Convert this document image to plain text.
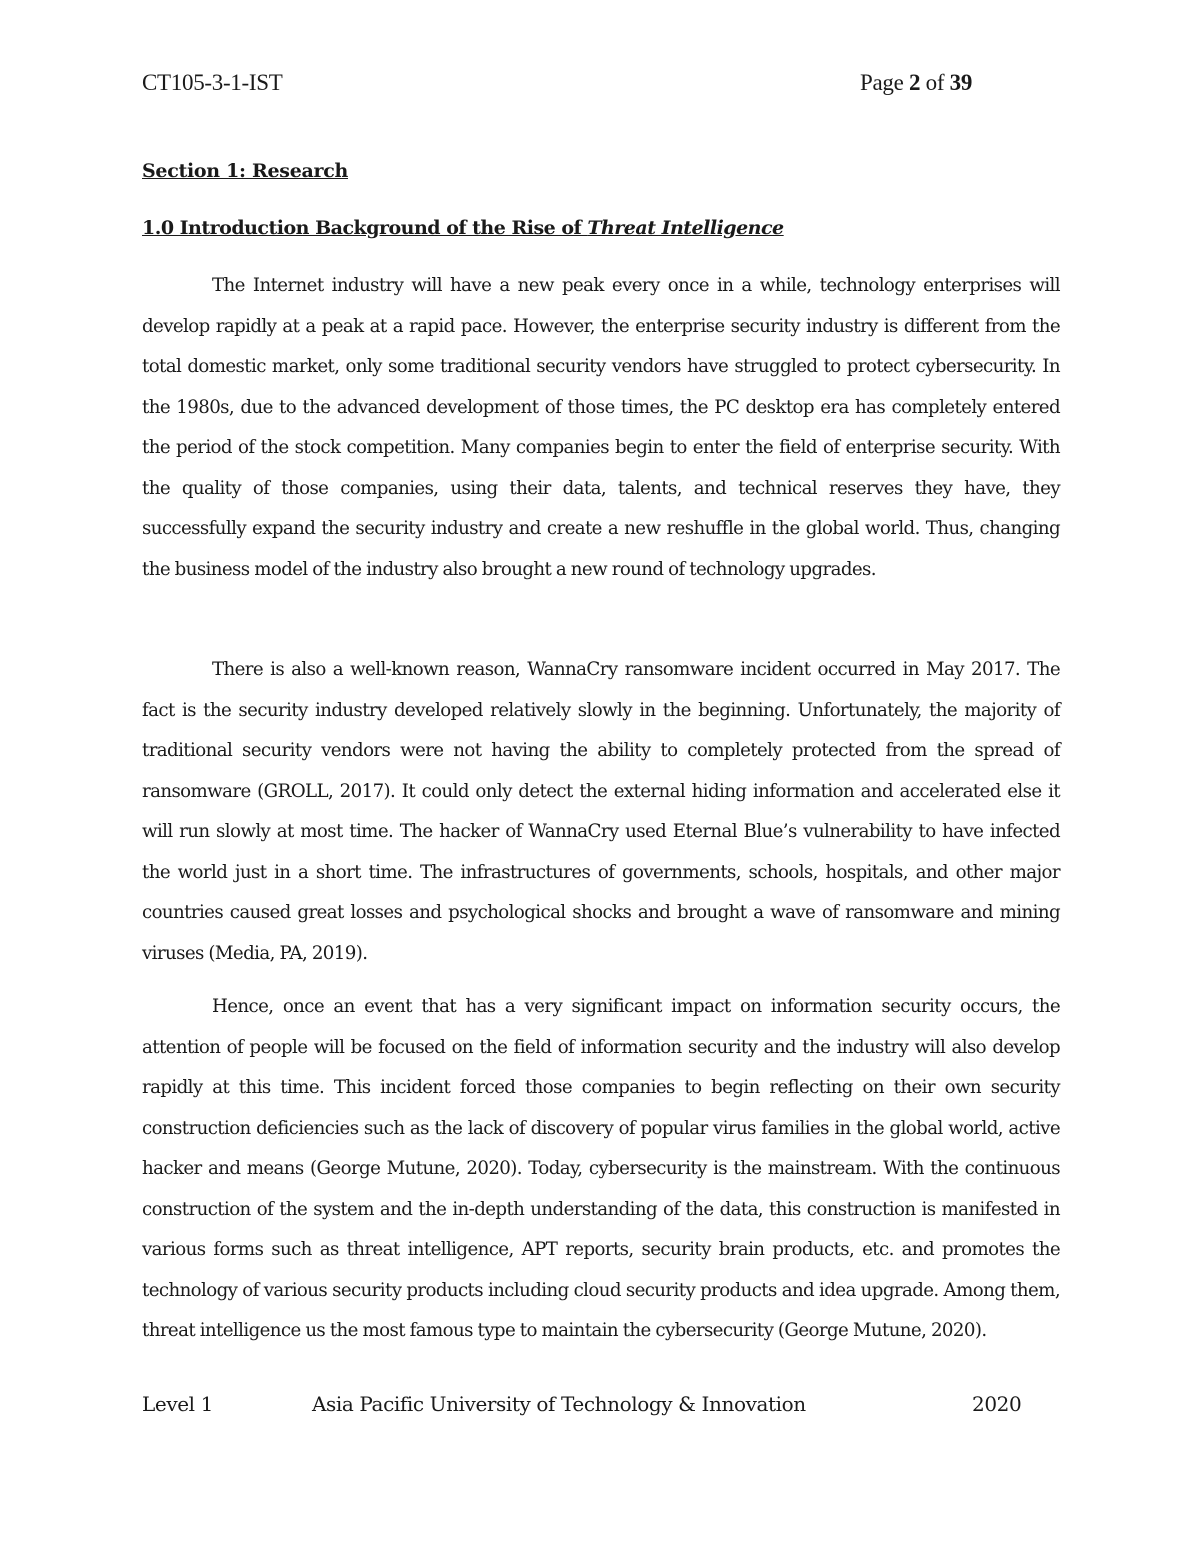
CT105-3-1-IST	Page 2 of 39
Section 1: Research
1.0 Introduction Background of the Rise of Threat Intelligence

The Internet industry will have a new peak every once in a while, technology enterprises will develop rapidly at a peak at a rapid pace. However, the enterprise security industry is different from the total domestic market, only some traditional security vendors have struggled to protect cybersecurity. In the 1980s, due to the advanced development of those times, the PC desktop era has completely entered the period of the stock competition. Many companies begin to enter the field of enterprise security. With the quality of those companies, using their data, talents, and technical reserves they have, they successfully expand the security industry and create a new reshuffle in the global world. Thus, changing the business model of the industry also brought a new round of technology upgrades.

There is also a well-known reason, WannaCry ransomware incident occurred in May 2017. The fact is the security industry developed relatively slowly in the beginning. Unfortunately, the majority of traditional security vendors were not having the ability to completely protected from the spread of ransomware (GROLL, 2017). It could only detect the external hiding information and accelerated else it will run slowly at most time. The hacker of WannaCry used Eternal Blue’s vulnerability to have infected the world just in a short time. The infrastructures of governments, schools, hospitals, and other major countries caused great losses and psychological shocks and brought a wave of ransomware and mining viruses (Media, PA, 2019).

Hence, once an event that has a very significant impact on information security occurs, the attention of people will be focused on the field of information security and the industry will also develop rapidly at this time. This incident forced those companies to begin reflecting on their own security construction deficiencies such as the lack of discovery of popular virus families in the global world, active hacker and means (George Mutune, 2020). Today, cybersecurity is the mainstream. With the continuous construction of the system and the in-depth understanding of the data, this construction is manifested in various forms such as threat intelligence, APT reports, security brain products, etc. and promotes the technology of various security products including cloud security products and idea upgrade. Among them, threat intelligence us the most famous type to maintain the cybersecurity (George Mutune, 2020).

Level 1	Asia Pacific University of Technology & Innovation	2020
